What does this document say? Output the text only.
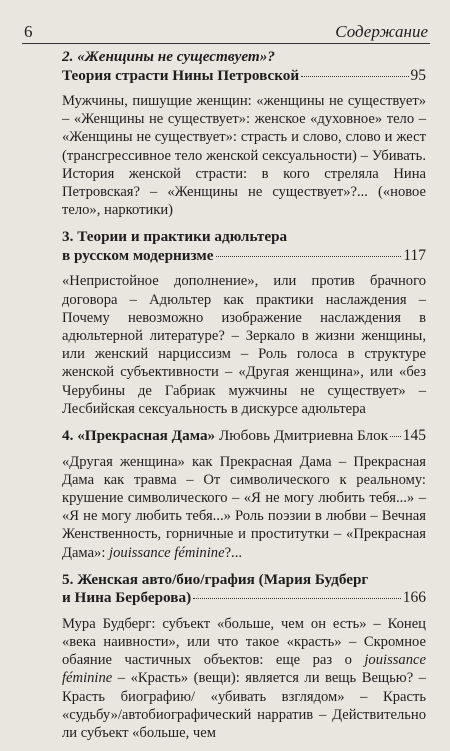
6	Содержание
2. «Женщины не существует»?
Теория страсти Нины Петровской	95
Мужчины, пишущие женщин: «женщины не существует» – «Женщины не существует»: женское «духовное» тело – «Женщины не существует»: страсть и слово, слово и жест (трансгрессивное тело женской сексуальности) – Убивать. История женской страсти: в кого стреляла Нина Петровская? – «Женщины не существует»?... («новое тело», наркотики)
3. Теории и практики адюльтера
в русском модернизме	117
«Непристойное дополнение», или против брачного договора – Адюльтер как практики наслаждения – Почему невозможно изображение наслаждения в адюльтерной литературе? – Зеркало в жизни женщины, или женский нарциссизм – Роль голоса в структуре женской субъективности – «Другая женщина», или «без Черубины де Габриак мужчины не существует» – Лесбийская сексуальность в дискурсе адюльтера
4. «Прекрасная Дама» Любовь Дмитриевна Блок 145
«Другая женщина» как Прекрасная Дама – Прекрасная Дама как травма – От символического к реальному: крушение символического – «Я не могу любить тебя...» – «Я не могу любить тебя...» Роль поэзии в любви – Вечная Женственность, горничные и проститутки – «Прекрасная Дама»: jouissance féminine?...
5. Женская авто/био/графия (Мария Будберг
и Нина Берберова)	166
Мура Будберг: субъект «больше, чем он есть» – Конец «века наивности», или что такое «красть» – Скромное обаяние частичных объектов: еще раз о jouissance féminine – «Красть» (вещи): является ли вещь Вещью? – Красть биографию/ «убивать взглядом» – Красть «судьбу»/автобиографический нарратив – Действительно ли субъект «больше, чем
